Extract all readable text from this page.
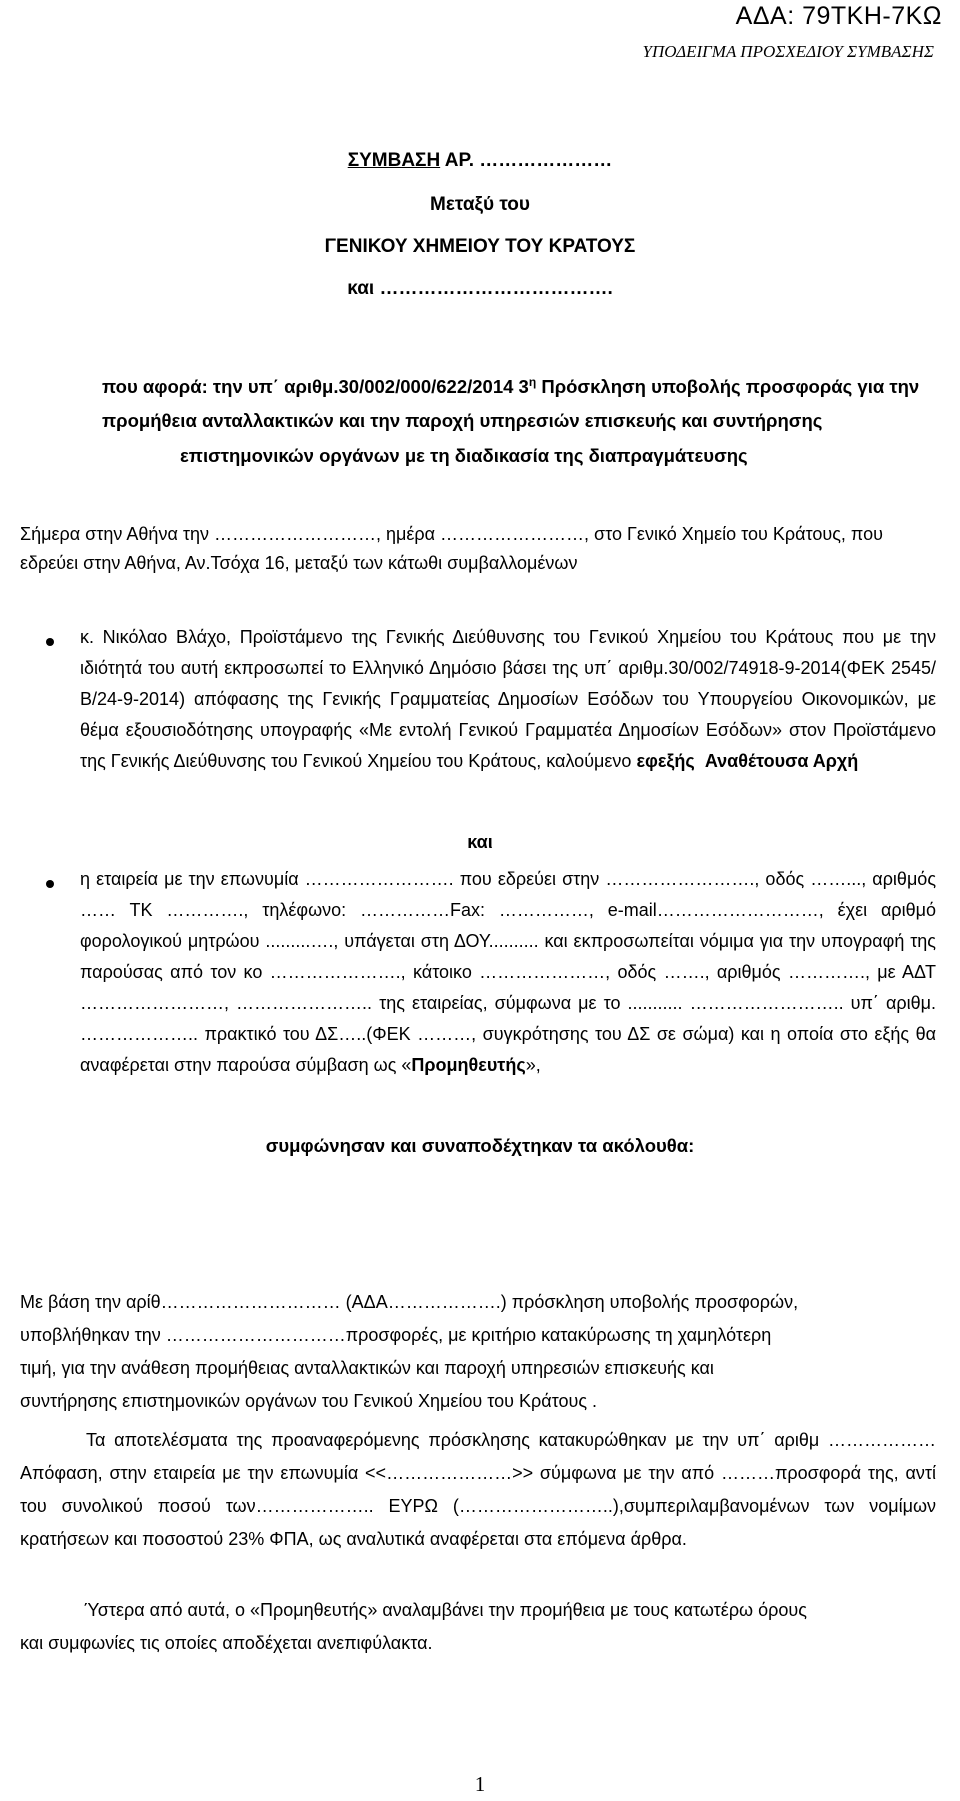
ΑΔΑ: 79ΤΚΗ-7ΚΩ
ΥΠΟΔΕΙΓΜΑ ΠΡΟΣΧΕΔΙΟΥ ΣΥΜΒΑΣΗΣ
ΣΥΜΒΑΣΗ ΑΡ. …………………
Μεταξύ του
ΓΕΝΙΚΟΥ ΧΗΜΕΙΟΥ ΤΟΥ ΚΡΑΤΟΥΣ
και ……………………………….
που αφορά: την υπ΄ αριθμ.30/002/000/622/2014 $3^\eta$ Πρόσκληση υποβολής προσφοράς για την
προμήθεια ανταλλακτικών και την παροχή υπηρεσιών επισκευής και συντήρησης
επιστημονικών οργάνων με τη διαδικασία της διαπραγμάτευσης
Σήμερα στην Αθήνα την ………………………, ημέρα ……………………, στο Γενικό Χημείο του Κράτους, που
εδρεύει στην Αθήνα, Αν.Τσόχα 16, μεταξύ των κάτωθι συμβαλλομένων
κ. Νικόλαο Βλάχο, Προϊστάμενο της Γενικής Διεύθυνσης του Γενικού Χημείου του Κράτους που με την ιδιότητά του αυτή εκπροσωπεί το Ελληνικό Δημόσιο βάσει της υπ΄ αριθμ.30/002/74918-9-2014(ΦΕΚ 2545/Β/24-9-2014) απόφασης της Γενικής Γραμματείας Δημοσίων Εσόδων του Υπουργείου Οικονομικών, με θέμα εξουσιοδότησης υπογραφής «Με εντολή Γενικού Γραμματέα Δημοσίων Εσόδων» στον Προϊστάμενο της Γενικής Διεύθυνσης του Γενικού Χημείου του Κράτους, καλούμενο εφεξής Αναθέτουσα Αρχή
και
η εταιρεία με την επωνυμία ……………………. που εδρεύει στην ……………………., οδός ……..., αριθμός …… ΤΚ …………., τηλέφωνο: ……………Fax: ……………, e-mail………………………, έχει αριθμό φορολογικού μητρώου .........…., υπάγεται στη ΔΟΥ.......... και εκπροσωπείται νόμιμα για την υπογραφή της παρούσας από τον κο …………………., κάτοικο …………………, οδός ……., αριθμός …………., με ΑΔΤ ……………………, ………………….. της εταιρείας, σύμφωνα με το ........... …………………….. υπ΄ αριθμ. ……………….. πρακτικό του ΔΣ…..(ΦΕΚ ………, συγκρότησης του ΔΣ σε σώμα) και η οποία στο εξής θα αναφέρεται στην παρούσα σύμβαση ως «Προμηθευτής»,
συμφώνησαν και συναποδέχτηκαν τα ακόλουθα:
Με βάση την αρίθ………………………… (ΑΔΑ……………….) πρόσκληση υποβολής προσφορών,
υποβλήθηκαν την …………………………προσφορές, με κριτήριο κατακύρωσης τη χαμηλότερη
τιμή, για την ανάθεση προμήθειας ανταλλακτικών και παροχή υπηρεσιών επισκευής και
συντήρησης επιστημονικών οργάνων του Γενικού Χημείου του Κράτους .
Τα αποτελέσματα της προαναφερόμενης πρόσκλησης κατακυρώθηκαν με την υπ΄ αριθμ ………………Απόφαση, στην εταιρεία με την επωνυμία <<…………………>> σύμφωνα με την από ………προσφορά της, αντί του συνολικού ποσού των……………….. ΕΥΡΩ (……………………..),συμπεριλαμβανομένων των νομίμων κρατήσεων και ποσοστού 23% ΦΠΑ, ως αναλυτικά αναφέρεται στα επόμενα άρθρα.
Ύστερα από αυτά, ο «Προμηθευτής» αναλαμβάνει την προμήθεια με τους κατωτέρω όρους
και συμφωνίες τις οποίες αποδέχεται ανεπιφύλακτα.
1
